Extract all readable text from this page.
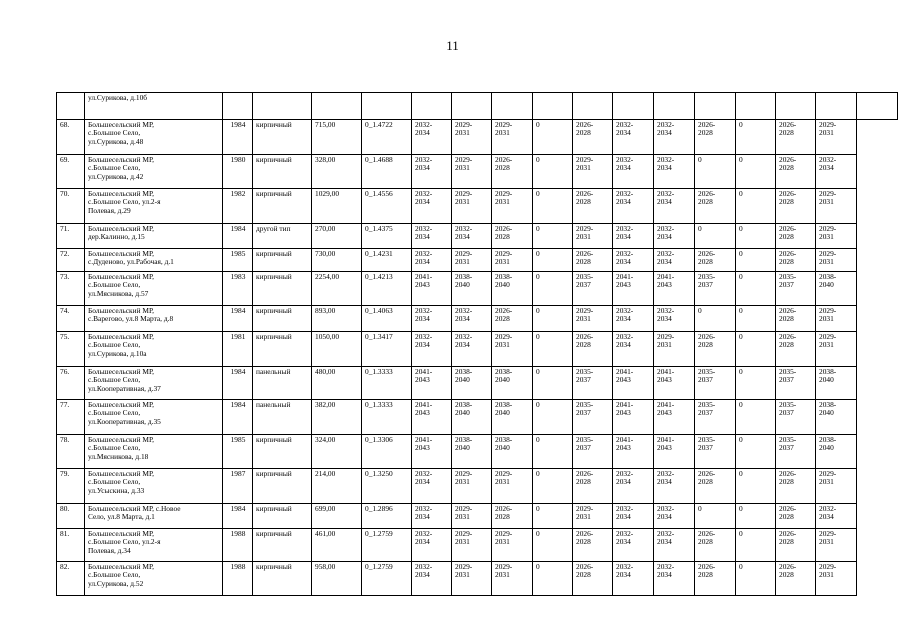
11
	ул.Сурикова, д.10б																
68.	Большесельский МР,
с.Большое Село,
ул.Сурикова, д.48	1984	кирпичный	715,00	0_1.4722	2032-
2034	2029-
2031	2029-
2031	0	2026-
2028	2032-
2034	2032-
2034	2026-
2028	0	2026-
2028	2029-
2031	
69.	Большесельский МР,
с.Большое Село,
ул.Сурикова, д.42	1980	кирпичный	328,00	0_1.4688	2032-
2034	2029-
2031	2026-
2028	0	2029-
2031	2032-
2034	2032-
2034	0	0	2026-
2028	2032-
2034	
70.	Большесельский МР,
с.Большое Село, ул.2-я
Полевая, д.29	1982	кирпичный	1029,00	0_1.4556	2032-
2034	2029-
2031	2029-
2031	0	2026-
2028	2032-
2034	2032-
2034	2026-
2028	0	2026-
2028	2029-
2031	
71.	Большесельский МР,
дер.Калинно, д.15	1984	другой тип	270,00	0_1.4375	2032-
2034	2032-
2034	2026-
2028	0	2029-
2031	2032-
2034	2032-
2034	0	0	2026-
2028	2029-
2031	
72.	Большесельский МР,
с.Дуденово, ул.Рабочая, д.1	1985	кирпичный	730,00	0_1.4231	2032-
2034	2029-
2031	2029-
2031	0	2026-
2028	2032-
2034	2032-
2034	2026-
2028	0	2026-
2028	2029-
2031	
73.	Большесельский МР,
с.Большое Село,
ул.Мясникова, д.57	1983	кирпичный	2254,00	0_1.4213	2041-
2043	2038-
2040	2038-
2040	0	2035-
2037	2041-
2043	2041-
2043	2035-
2037	0	2035-
2037	2038-
2040	
74.	Большесельский МР,
с.Варегово, ул.8 Марта, д.8	1984	кирпичный	893,00	0_1.4063	2032-
2034	2032-
2034	2026-
2028	0	2029-
2031	2032-
2034	2032-
2034	0	0	2026-
2028	2029-
2031	
75.	Большесельский МР,
с.Большое Село,
ул.Сурикова, д.10а	1981	кирпичный	1050,00	0_1.3417	2032-
2034	2032-
2034	2029-
2031	0	2026-
2028	2032-
2034	2029-
2031	2026-
2028	0	2026-
2028	2029-
2031	
76.	Большесельский МР,
с.Большое Село,
ул.Кооперативная, д.37	1984	панельный	480,00	0_1.3333	2041-
2043	2038-
2040	2038-
2040	0	2035-
2037	2041-
2043	2041-
2043	2035-
2037	0	2035-
2037	2038-
2040	
77.	Большесельский МР,
с.Большое Село,
ул.Кооперативная, д.35	1984	панельный	382,00	0_1.3333	2041-
2043	2038-
2040	2038-
2040	0	2035-
2037	2041-
2043	2041-
2043	2035-
2037	0	2035-
2037	2038-
2040	
78.	Большесельский МР,
с.Большое Село,
ул.Мясникова, д.18	1985	кирпичный	324,00	0_1.3306	2041-
2043	2038-
2040	2038-
2040	0	2035-
2037	2041-
2043	2041-
2043	2035-
2037	0	2035-
2037	2038-
2040	
79.	Большесельский МР,
с.Большое Село,
ул.Усыскина, д.33	1987	кирпичный	214,00	0_1.3250	2032-
2034	2029-
2031	2029-
2031	0	2026-
2028	2032-
2034	2032-
2034	2026-
2028	0	2026-
2028	2029-
2031	
80.	Большесельский МР, с.Новое
Село, ул.8 Марта, д.1	1984	кирпичный	699,00	0_1.2896	2032-
2034	2029-
2031	2026-
2028	0	2029-
2031	2032-
2034	2032-
2034	0	0	2026-
2028	2032-
2034	
81.	Большесельский МР,
с.Большое Село, ул.2-я
Полевая, д.34	1988	кирпичный	461,00	0_1.2759	2032-
2034	2029-
2031	2029-
2031	0	2026-
2028	2032-
2034	2032-
2034	2026-
2028	0	2026-
2028	2029-
2031	
82.	Большесельский МР,
с.Большое Село,
ул.Сурикова, д.52	1988	кирпичный	958,00	0_1.2759	2032-
2034	2029-
2031	2029-
2031	0	2026-
2028	2032-
2034	2032-
2034	2026-
2028	0	2026-
2028	2029-
2031	
